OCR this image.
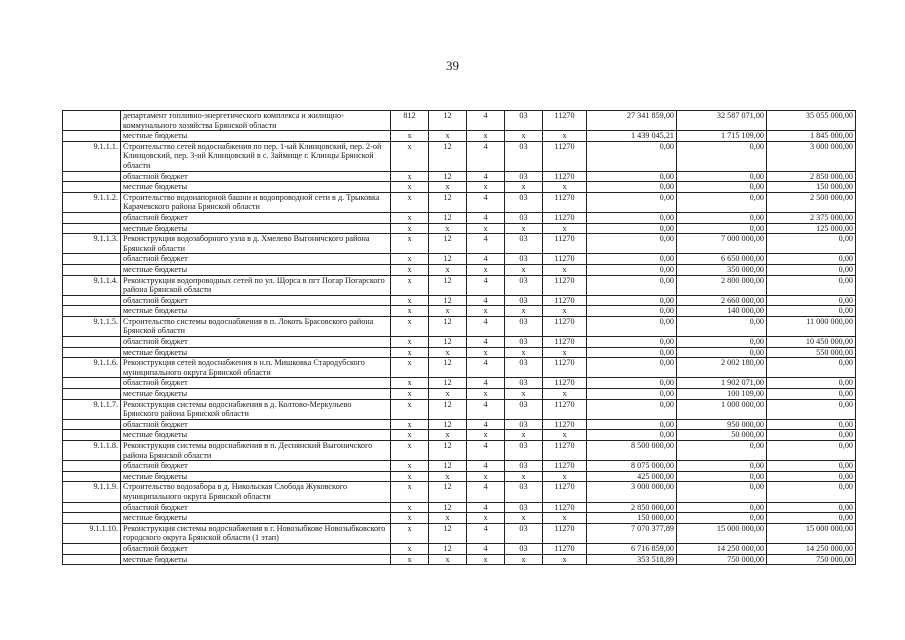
39
	департамент топливно-энергетического комплекса и жилищно-коммунального хозяйства Брянской области	812	12	4	03	11270	27 341 859,00	32 587 071,00	35 055 000,00
	местные бюджеты	х	х	х	х	х	1 439 045,21	1 715 109,00	1 845 000,00
9.1.1.1.	Строительство сетей водоснабжения по пер. 1-ый Клинцовский, пер. 2-ой Клинцовский, пер. 3-ий Клинцовский в с. Займище г. Клинцы Брянской области	х	12	4	03	11270	0,00	0,00	3 000 000,00
	областной бюджет	х	12	4	03	11270	0,00	0,00	2 850 000,00
	местные бюджеты	х	х	х	х	х	0,00	0,00	150 000,00
9.1.1.2.	Строительство водонапорной башни и водопроводной сети в д. Трыковка Карачевского района Брянской области	х	12	4	03	11270	0,00	0,00	2 500 000,00
	областной бюджет	х	12	4	03	11270	0,00	0,00	2 375 000,00
	местные бюджеты	х	х	х	х	х	0,00	0,00	125 000,00
9.1.1.3.	Реконструкция водозаборного узла в д. Хмелево Выгоничского района Брянской области	х	12	4	03	11270	0,00	7 000 000,00	0,00
	областной бюджет	х	12	4	03	11270	0,00	6 650 000,00	0,00
	местные бюджеты	х	х	х	х	х	0,00	350 000,00	0,00
9.1.1.4.	Реконструкция водопроводных сетей по ул. Щорса в пгт Погар Погарского района Брянской области	х	12	4	03	11270	0,00	2 800 000,00	0,00
	областной бюджет	х	12	4	03	11270	0,00	2 660 000,00	0,00
	местные бюджеты	х	х	х	х	х	0,00	140 000,00	0,00
9.1.1.5.	Строительство системы водоснабжения в п. Локоть Брасовского района Брянской области	х	12	4	03	11270	0,00	0,00	11 000 000,00
	областной бюджет	х	12	4	03	11270	0,00	0,00	10 450 000,00
	местные бюджеты	х	х	х	х	х	0,00	0,00	550 000,00
9.1.1.6.	Реконструкция сетей водоснабжения в н.п. Мишковка Стародубского муниципального округа Брянской области	х	12	4	03	11270	0,00	2 002 180,00	0,00
	областной бюджет	х	12	4	03	11270	0,00	1 902 071,00	0,00
	местные бюджеты	х	х	х	х	х	0,00	100 109,00	0,00
9.1.1.7.	Реконструкция системы водоснабжения в д. Колтово-Меркульево Брянского района Брянской области	х	12	4	03	11270	0,00	1 000 000,00	0,00
	областной бюджет	х	12	4	03	11270	0,00	950 000,00	0,00
	местные бюджеты	х	х	х	х	х	0,00	50 000,00	0,00
9.1.1.8.	Реконструкция системы водоснабжения в п. Деснянский Выгоничского района Брянской области	х	12	4	03	11270	8 500 000,00	0,00	0,00
	областной бюджет	х	12	4	03	11270	8 075 000,00	0,00	0,00
	местные бюджеты	х	х	х	х	х	425 000,00	0,00	0,00
9.1.1.9.	Строительство водозабора в д. Никольская Слобода Жуковского муниципального округа Брянской области	х	12	4	03	11270	3 000 000,00	0,00	0,00
	областной бюджет	х	12	4	03	11270	2 850 000,00	0,00	0,00
	местные бюджеты	х	х	х	х	х	150 000,00	0,00	0,00
9.1.1.10.	Реконструкция системы водоснабжения в г. Новозыбкове Новозыбковского городского округа Брянской области (1 этап)	х	12	4	03	11270	7 070 377,89	15 000 000,00	15 000 000,00
	областной бюджет	х	12	4	03	11270	6 716 859,00	14 250 000,00	14 250 000,00
	местные бюджеты	х	х	х	х	х	353 518,89	750 000,00	750 000,00
